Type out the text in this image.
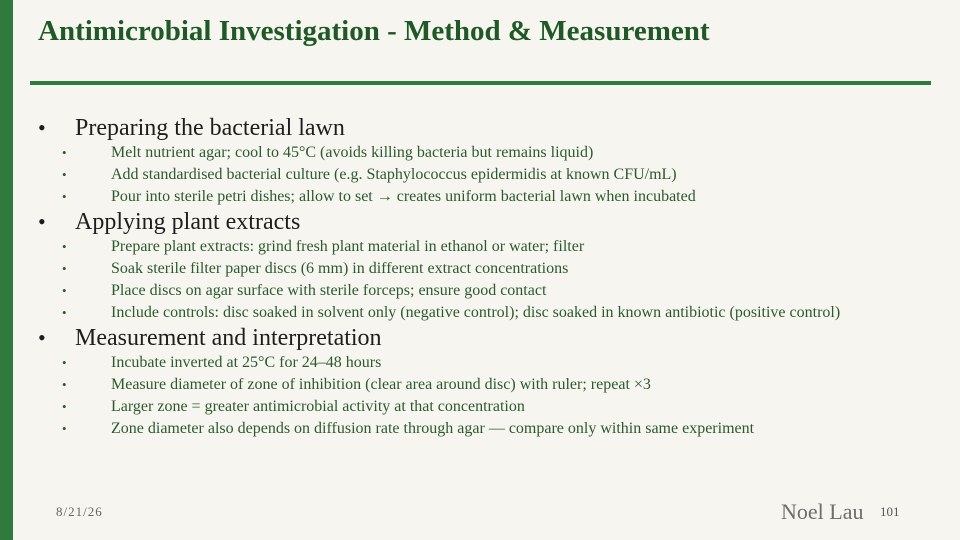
Antimicrobial Investigation - Method & Measurement
• Preparing the bacterial lawn
•	Melt nutrient agar; cool to 45°C (avoids killing bacteria but remains liquid)
•	Add standardised bacterial culture (e.g. Staphylococcus epidermidis at known CFU/mL)
•	Pour into sterile petri dishes; allow to set → creates uniform bacterial lawn when incubated
• Applying plant extracts
•	Prepare plant extracts: grind fresh plant material in ethanol or water; filter
•	Soak sterile filter paper discs (6 mm) in different extract concentrations
•	Place discs on agar surface with sterile forceps; ensure good contact
•	Include controls: disc soaked in solvent only (negative control); disc soaked in known antibiotic (positive control)
• Measurement and interpretation
•	Incubate inverted at 25°C for 24–48 hours
•	Measure diameter of zone of inhibition (clear area around disc) with ruler; repeat ×3
•	Larger zone = greater antimicrobial activity at that concentration
•	Zone diameter also depends on diffusion rate through agar — compare only within same experiment
8/21/26	Noel Lau 101
